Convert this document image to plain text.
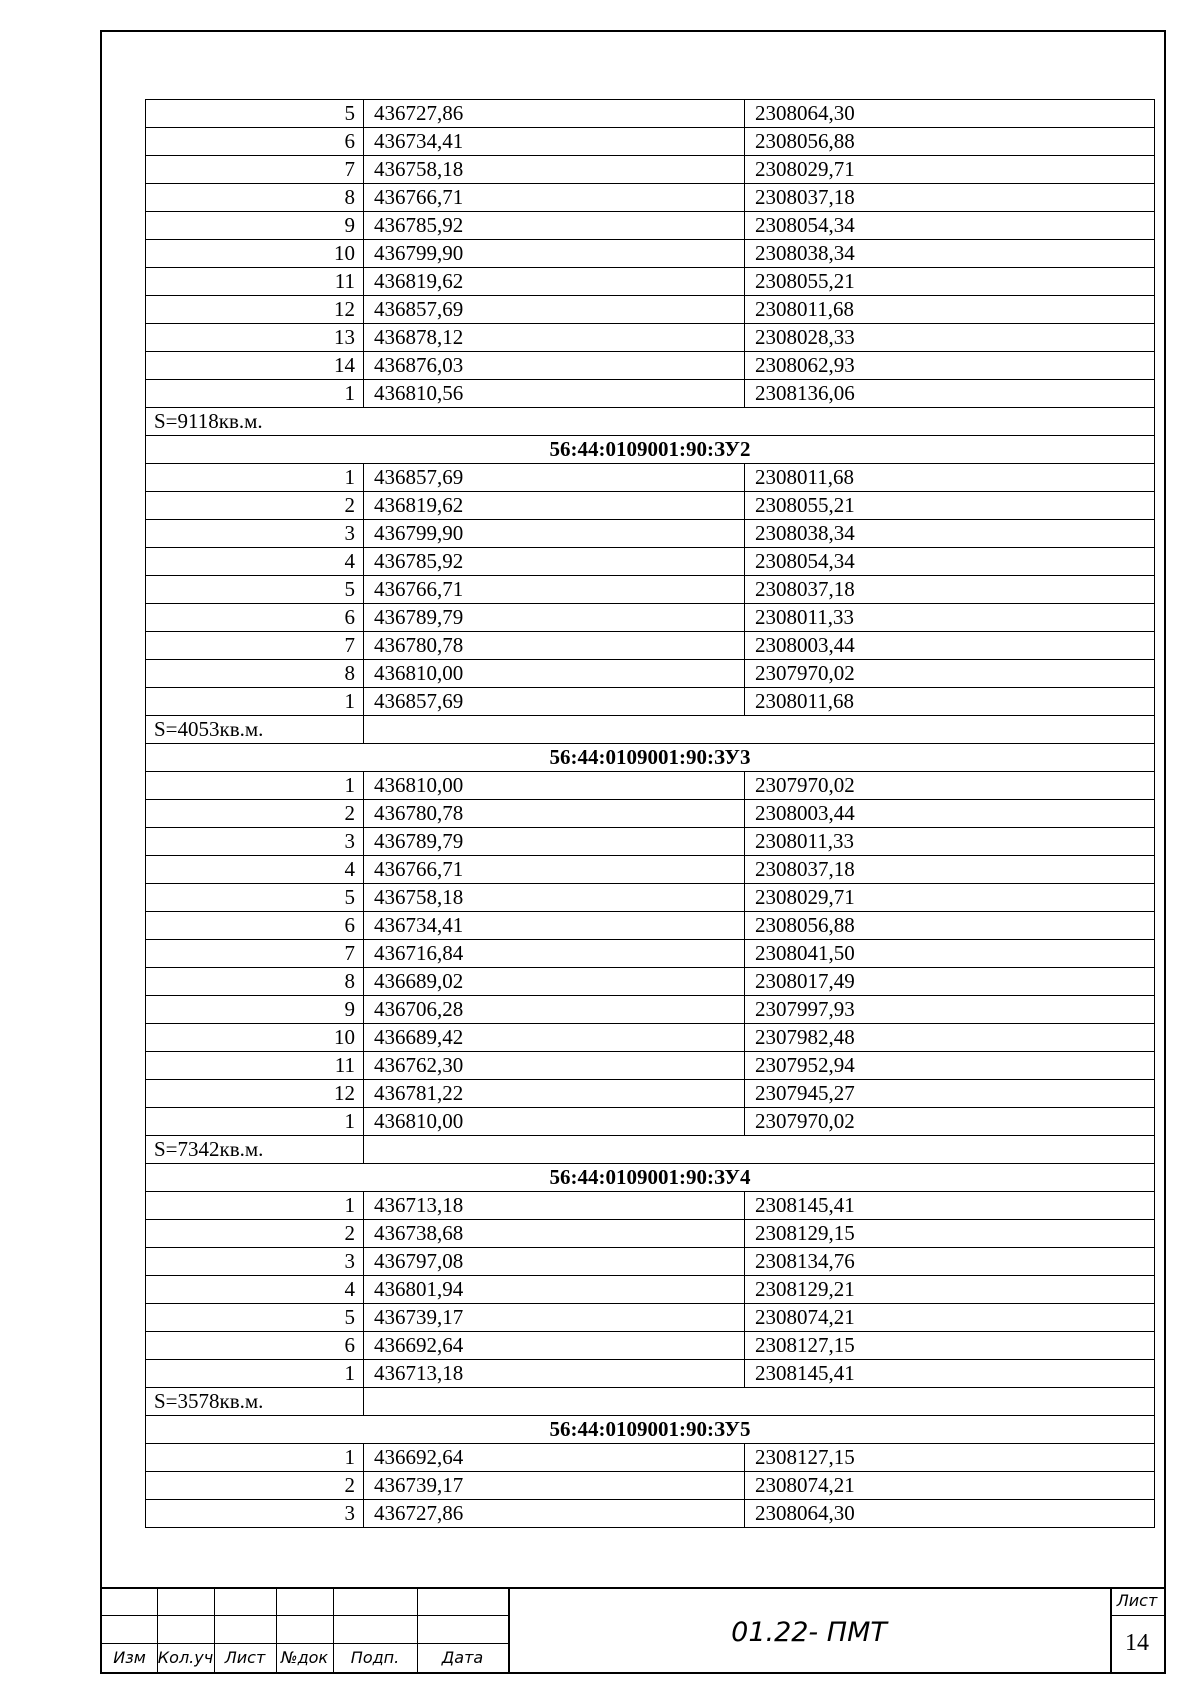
Изм Кол.уч Лист №док	Подп.	Дата
01.22- ПМТ
Лист
14
5	436727,86	2308064,30
6	436734,41	2308056,88
7	436758,18	2308029,71
8	436766,71	2308037,18
9	436785,92	2308054,34
10	436799,90	2308038,34
11	436819,62	2308055,21
12	436857,69	2308011,68
13	436878,12	2308028,33
14	436876,03	2308062,93
1	436810,56	2308136,06
S=9118кв.м.		
56:44:0109001:90:ЗУ2		
1	436857,69	2308011,68
2	436819,62	2308055,21
3	436799,90	2308038,34
4	436785,92	2308054,34
5	436766,71	2308037,18
6	436789,79	2308011,33
7	436780,78	2308003,44
8	436810,00	2307970,02
1	436857,69	2308011,68
S=4053кв.м.		
56:44:0109001:90:ЗУ3		
1	436810,00	2307970,02
2	436780,78	2308003,44
3	436789,79	2308011,33
4	436766,71	2308037,18
5	436758,18	2308029,71
6	436734,41	2308056,88
7	436716,84	2308041,50
8	436689,02	2308017,49
9	436706,28	2307997,93
10	436689,42	2307982,48
11	436762,30	2307952,94
12	436781,22	2307945,27
1	436810,00	2307970,02
S=7342кв.м.		
56:44:0109001:90:ЗУ4		
1	436713,18	2308145,41
2	436738,68	2308129,15
3	436797,08	2308134,76
4	436801,94	2308129,21
5	436739,17	2308074,21
6	436692,64	2308127,15
1	436713,18	2308145,41
S=3578кв.м.		
56:44:0109001:90:ЗУ5		
1	436692,64	2308127,15
2	436739,17	2308074,21
3	436727,86	2308064,30
